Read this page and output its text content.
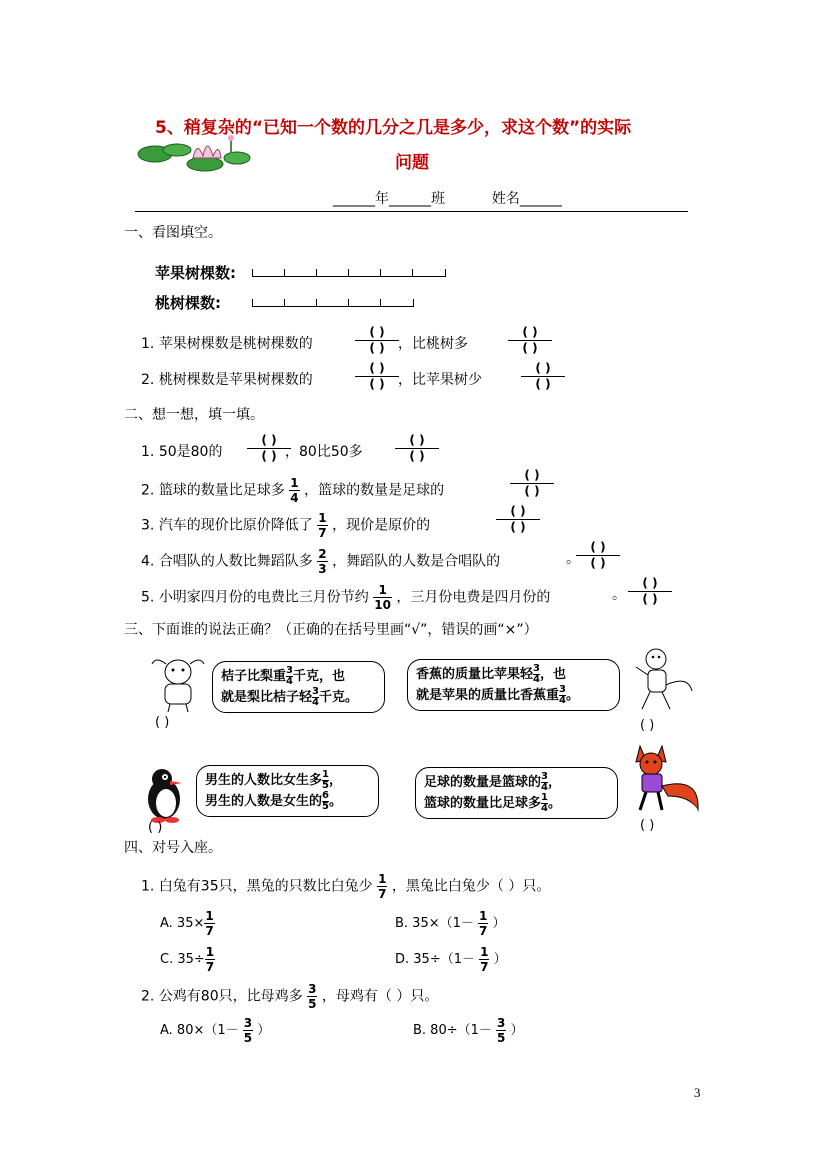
5、稍复杂的“已知一个数的几分之几是多少，求这个数”的实际
问题
______年______班	姓名______
一、看图填空。
苹果树棵数:
桃树棵数:
1. 苹果树棵数是桃树棵数的
( )
( ) ，比桃树多
( )
( )
2. 桃树棵数是苹果树棵数的
( )
( ) ，比苹果树少
( )
( )
二、想一想，填一填。
1. 50是80的
( )
( ) ，80比50多
( )
( )
2. 篮球的数量比足球多 $\frac{1}{4}$ ，篮球的数量是足球的
( )
( )
3. 汽车的现价比原价降低了 $\frac{1}{7}$ ，现价是原价的
( )
( )
4. 合唱队的人数比舞蹈队多 $\frac{2}{3}$ ，舞蹈队的人数是合唱队的	。
( )
( )
5. 小明家四月份的电费比三月份节约 $\frac{1}{10}$ ，三月份电费是四月份的	。
( )
( )
三、下面谁的说法正确？（正确的在括号里画“√”，错误的画“×”）
( )
桔子比梨重 $\frac{3}{4}$ 千克，也
就是梨比桔子轻 $\frac{3}{4}$ 千克。
香蕉的质量比苹果轻 $\frac{3}{4}$ ，也
就是苹果的质量比香蕉重 $\frac{3}{4}$ 。
( )
( )
男生的人数比女生多 $\frac{1}{5}$ ，
男生的人数是女生的 $\frac{6}{5}$ 。
足球的数量是篮球的 $\frac{3}{4}$ ，
篮球的数量比足球多 $\frac{1}{4}$ 。
( )
四、对号入座。
1. 白兔有35只，黑兔的只数比白兔少 $\frac{1}{7}$ ，黑兔比白兔少（ ）只。
A. $35\times \frac{1}{7}$	B. $35\times(1- \frac{1}{7}$ ）
C. $35\div \frac{1}{7}$	D. $35\div(1- \frac{1}{7}$ ）
2. 公鸡有80只，比母鸡多 $\frac{3}{5}$ ，母鸡有（ ）只。
A. $80\times(1- \frac{3}{5}$ ）	B. $80\div(1- \frac{3}{5}$ ）
3
